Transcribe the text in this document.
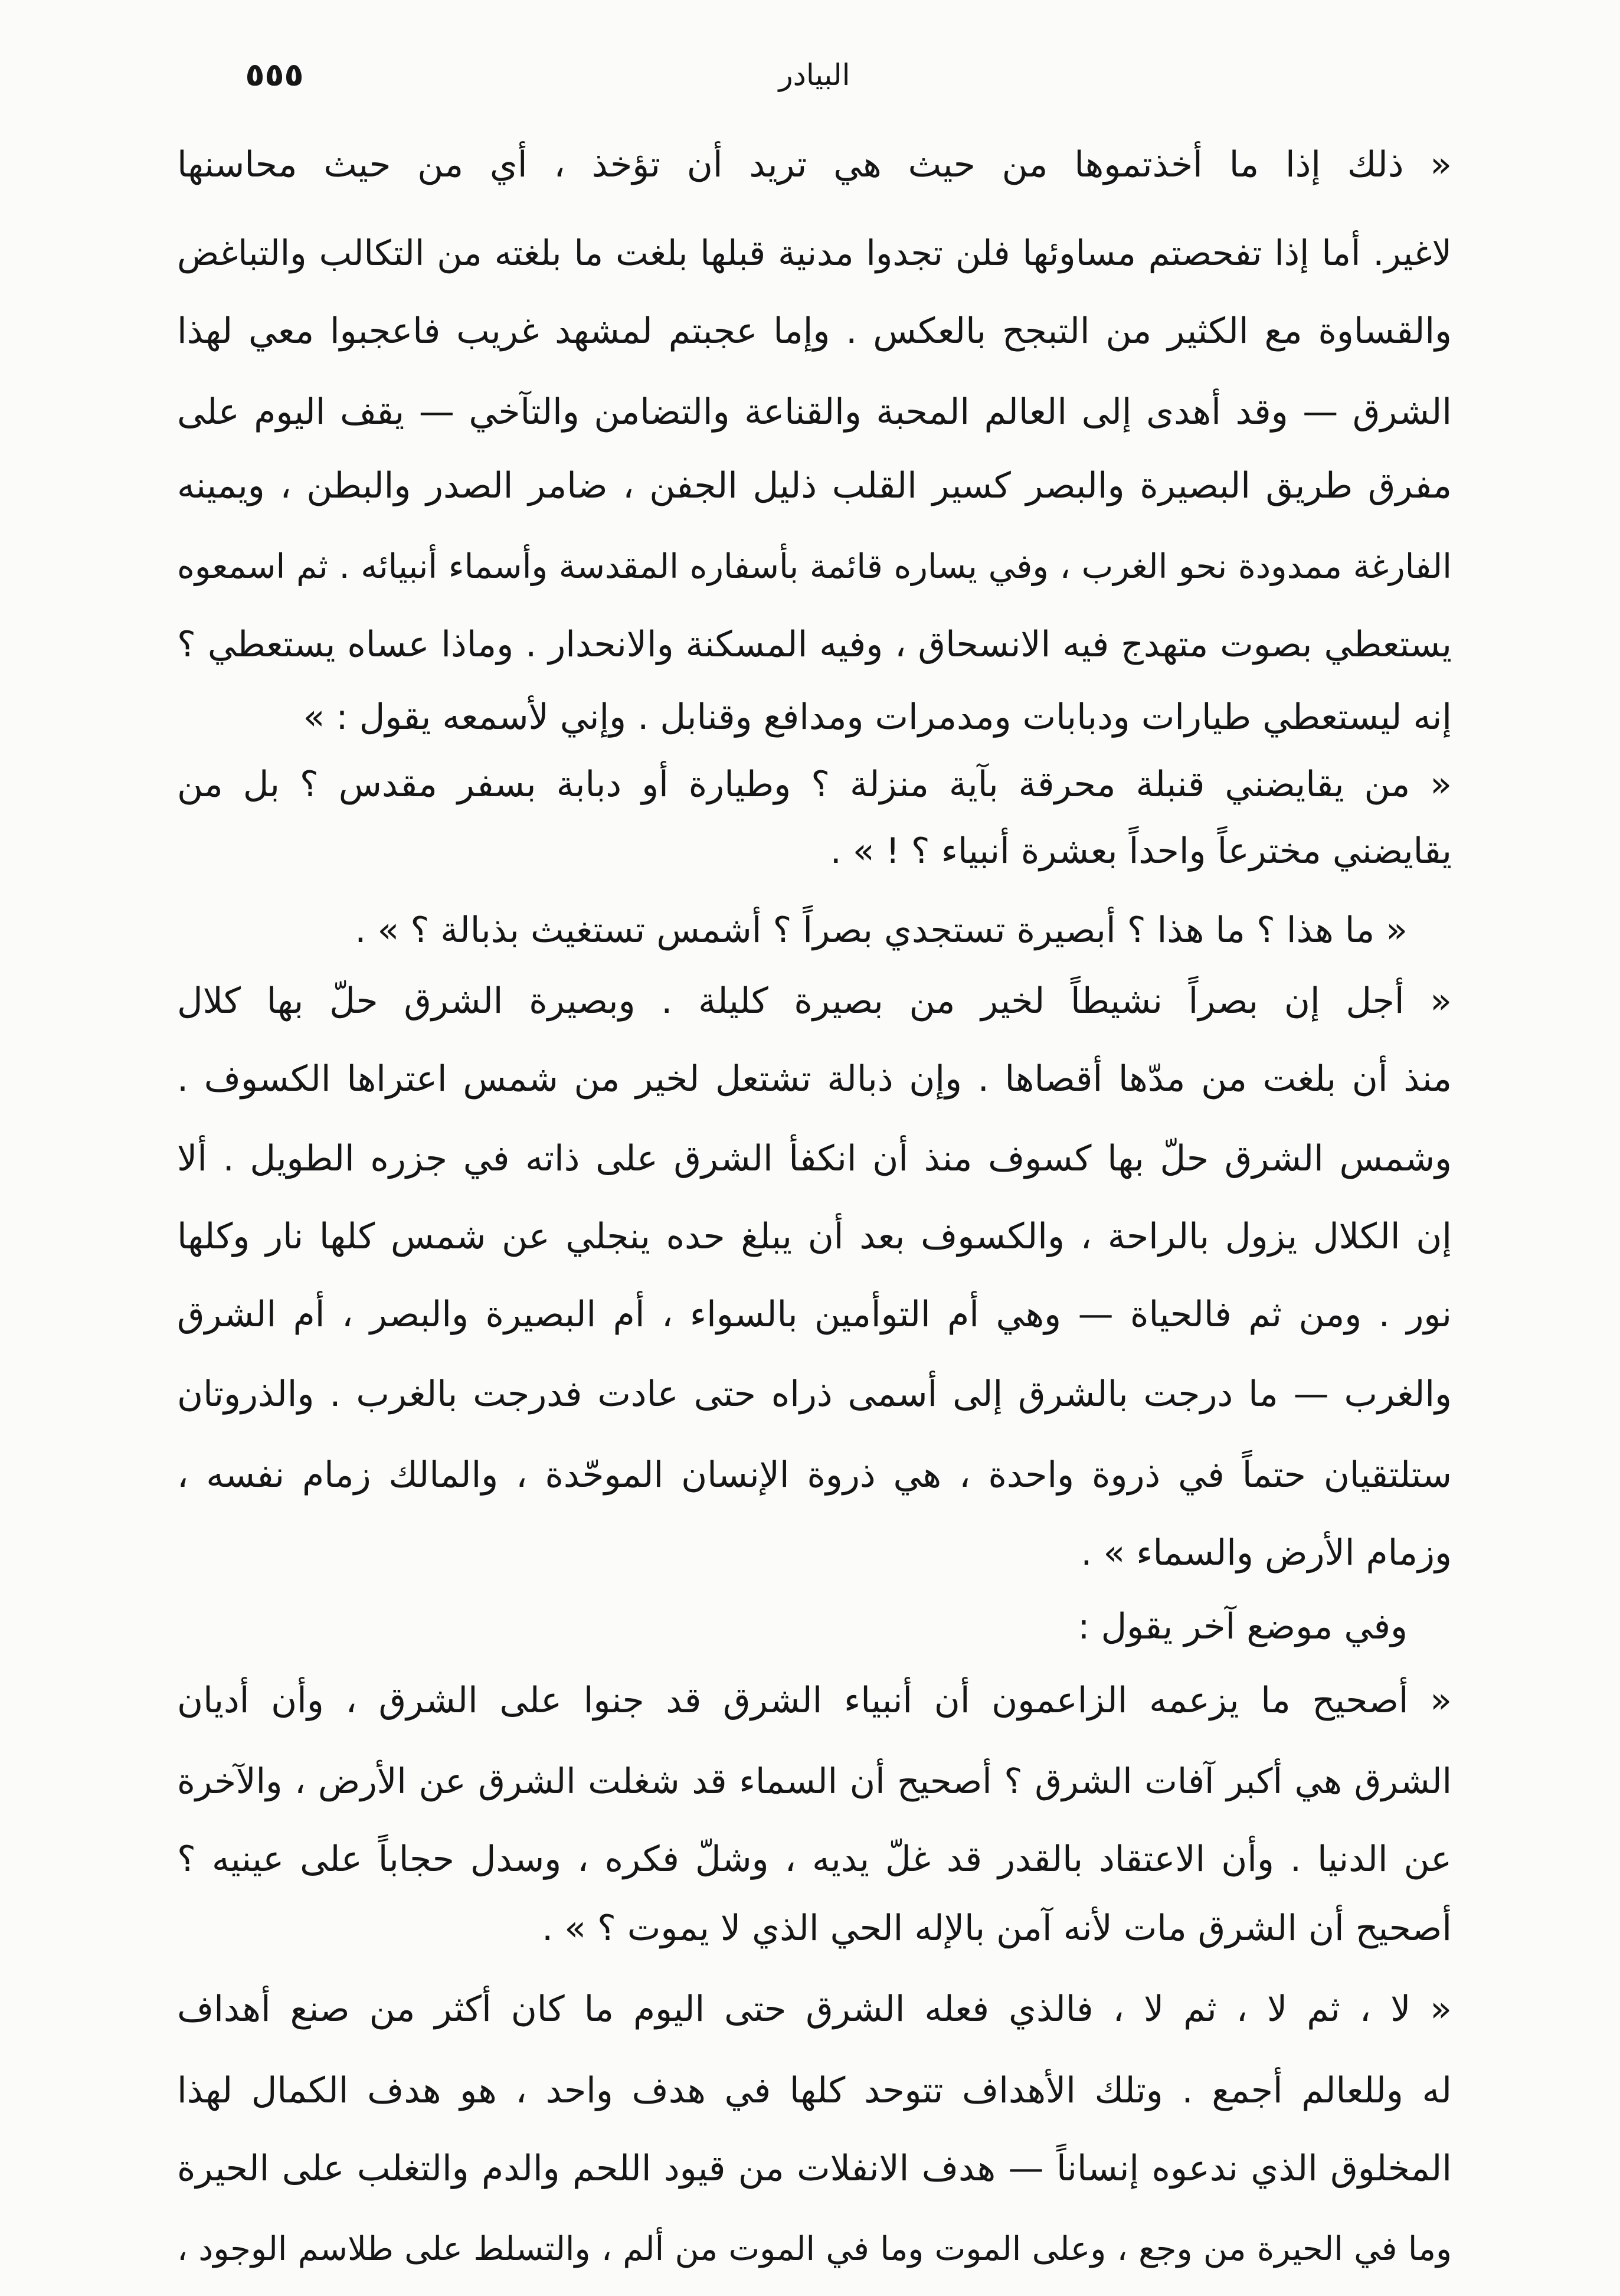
٥٥٥	البيادر
« ذلك إذا ما أخذتموها من حيث هي تريد أن تؤخذ ، أي من حيث محاسنها
لاغير. أما إذا تفحصتم مساوئها فلن تجدوا مدنية قبلها بلغت ما بلغته من التكالب والتباغض
والقساوة مع الكثير من التبجح بالعكس . وإما عجبتم لمشهد غريب فاعجبوا معي لهذا
الشرق — وقد أهدى إلى العالم المحبة والقناعة والتضامن والتآخي — يقف اليوم على
مفرق طريق البصيرة والبصر كسير القلب ذليل الجفن ، ضامر الصدر والبطن ، ويمينه
الفارغة ممدودة نحو الغرب ، وفي يساره قائمة بأسفاره المقدسة وأسماء أنبيائه . ثم اسمعوه
يستعطي بصوت متهدج فيه الانسحاق ، وفيه المسكنة والانحدار . وماذا عساه يستعطي ؟
إنه ليستعطي طيارات ودبابات ومدمرات ومدافع وقنابل . وإني لأسمعه يقول : »
« من يقايضني قنبلة محرقة بآية منزلة ؟ وطيارة أو دبابة بسفر مقدس ؟ بل من
يقايضني مخترعاً واحداً بعشرة أنبياء ؟ ! » .
« ما هذا ؟ ما هذا ؟ أبصيرة تستجدي بصراً ؟ أشمس تستغيث بذبالة ؟ » .
« أجل إن بصراً نشيطاً لخير من بصيرة كليلة . وبصيرة الشرق حلّ بها كلال
منذ أن بلغت من مدّها أقصاها . وإن ذبالة تشتعل لخير من شمس اعتراها الكسوف .
وشمس الشرق حلّ بها كسوف منذ أن انكفأ الشرق على ذاته في جزره الطويل . ألا
إن الكلال يزول بالراحة ، والكسوف بعد أن يبلغ حده ينجلي عن شمس كلها نار وكلها
نور . ومن ثم فالحياة — وهي أم التوأمين بالسواء ، أم البصيرة والبصر ، أم الشرق
والغرب — ما درجت بالشرق إلى أسمى ذراه حتى عادت فدرجت بالغرب . والذروتان
ستلتقيان حتماً في ذروة واحدة ، هي ذروة الإنسان الموحّدة ، والمالك زمام نفسه ،
وزمام الأرض والسماء » .
وفي موضع آخر يقول :
« أصحيح ما يزعمه الزاعمون أن أنبياء الشرق قد جنوا على الشرق ، وأن أديان
الشرق هي أكبر آفات الشرق ؟ أصحيح أن السماء قد شغلت الشرق عن الأرض ، والآخرة
عن الدنيا . وأن الاعتقاد بالقدر قد غلّ يديه ، وشلّ فكره ، وسدل حجاباً على عينيه ؟
أصحيح أن الشرق مات لأنه آمن بالإله الحي الذي لا يموت ؟ » .
« لا ، ثم لا ، ثم لا ، فالذي فعله الشرق حتى اليوم ما كان أكثر من صنع أهداف
له وللعالم أجمع . وتلك الأهداف تتوحد كلها في هدف واحد ، هو هدف الكمال لهذا
المخلوق الذي ندعوه إنساناً — هدف الانفلات من قيود اللحم والدم والتغلب على الحيرة
وما في الحيرة من وجع ، وعلى الموت وما في الموت من ألم ، والتسلط على طلاسم الوجود ،
